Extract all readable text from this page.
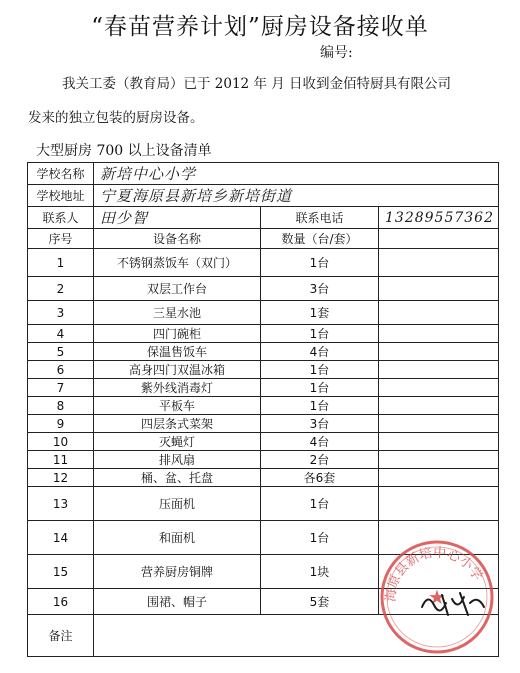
“春苗营养计划”厨房设备接收单
编号:
我关工委（教育局）已于 2012 年 月 日收到金佰特厨具有限公司
发来的独立包装的厨房设备。
大型厨房 700 以上设备清单
学校名称	新培中心小学		
学校地址	宁夏海原县新培乡新培街道		
联系人	田少智	联系电话	13289557362
序号	设备名称	数量（台/套）	
1	不锈钢蒸饭车（双门）	1台	
2	双层工作台	3台	
3	三星水池	1套	
4	四门碗柜	1台	
5	保温售饭车	4台	
6	高身四门双温冰箱	1台	
7	紫外线消毒灯	1台	
8	平板车	1台	
9	四层条式菜架	3台	
10	灭蝇灯	4台	
11	排风扇	2台	
12	桶、盆、托盘	各6套	
13	压面机	1台	
14	和面机	1台	
15	营养厨房铜牌	1块	
16	围裙、帽子	5套	
备注			
海原县新培中心小学
★
